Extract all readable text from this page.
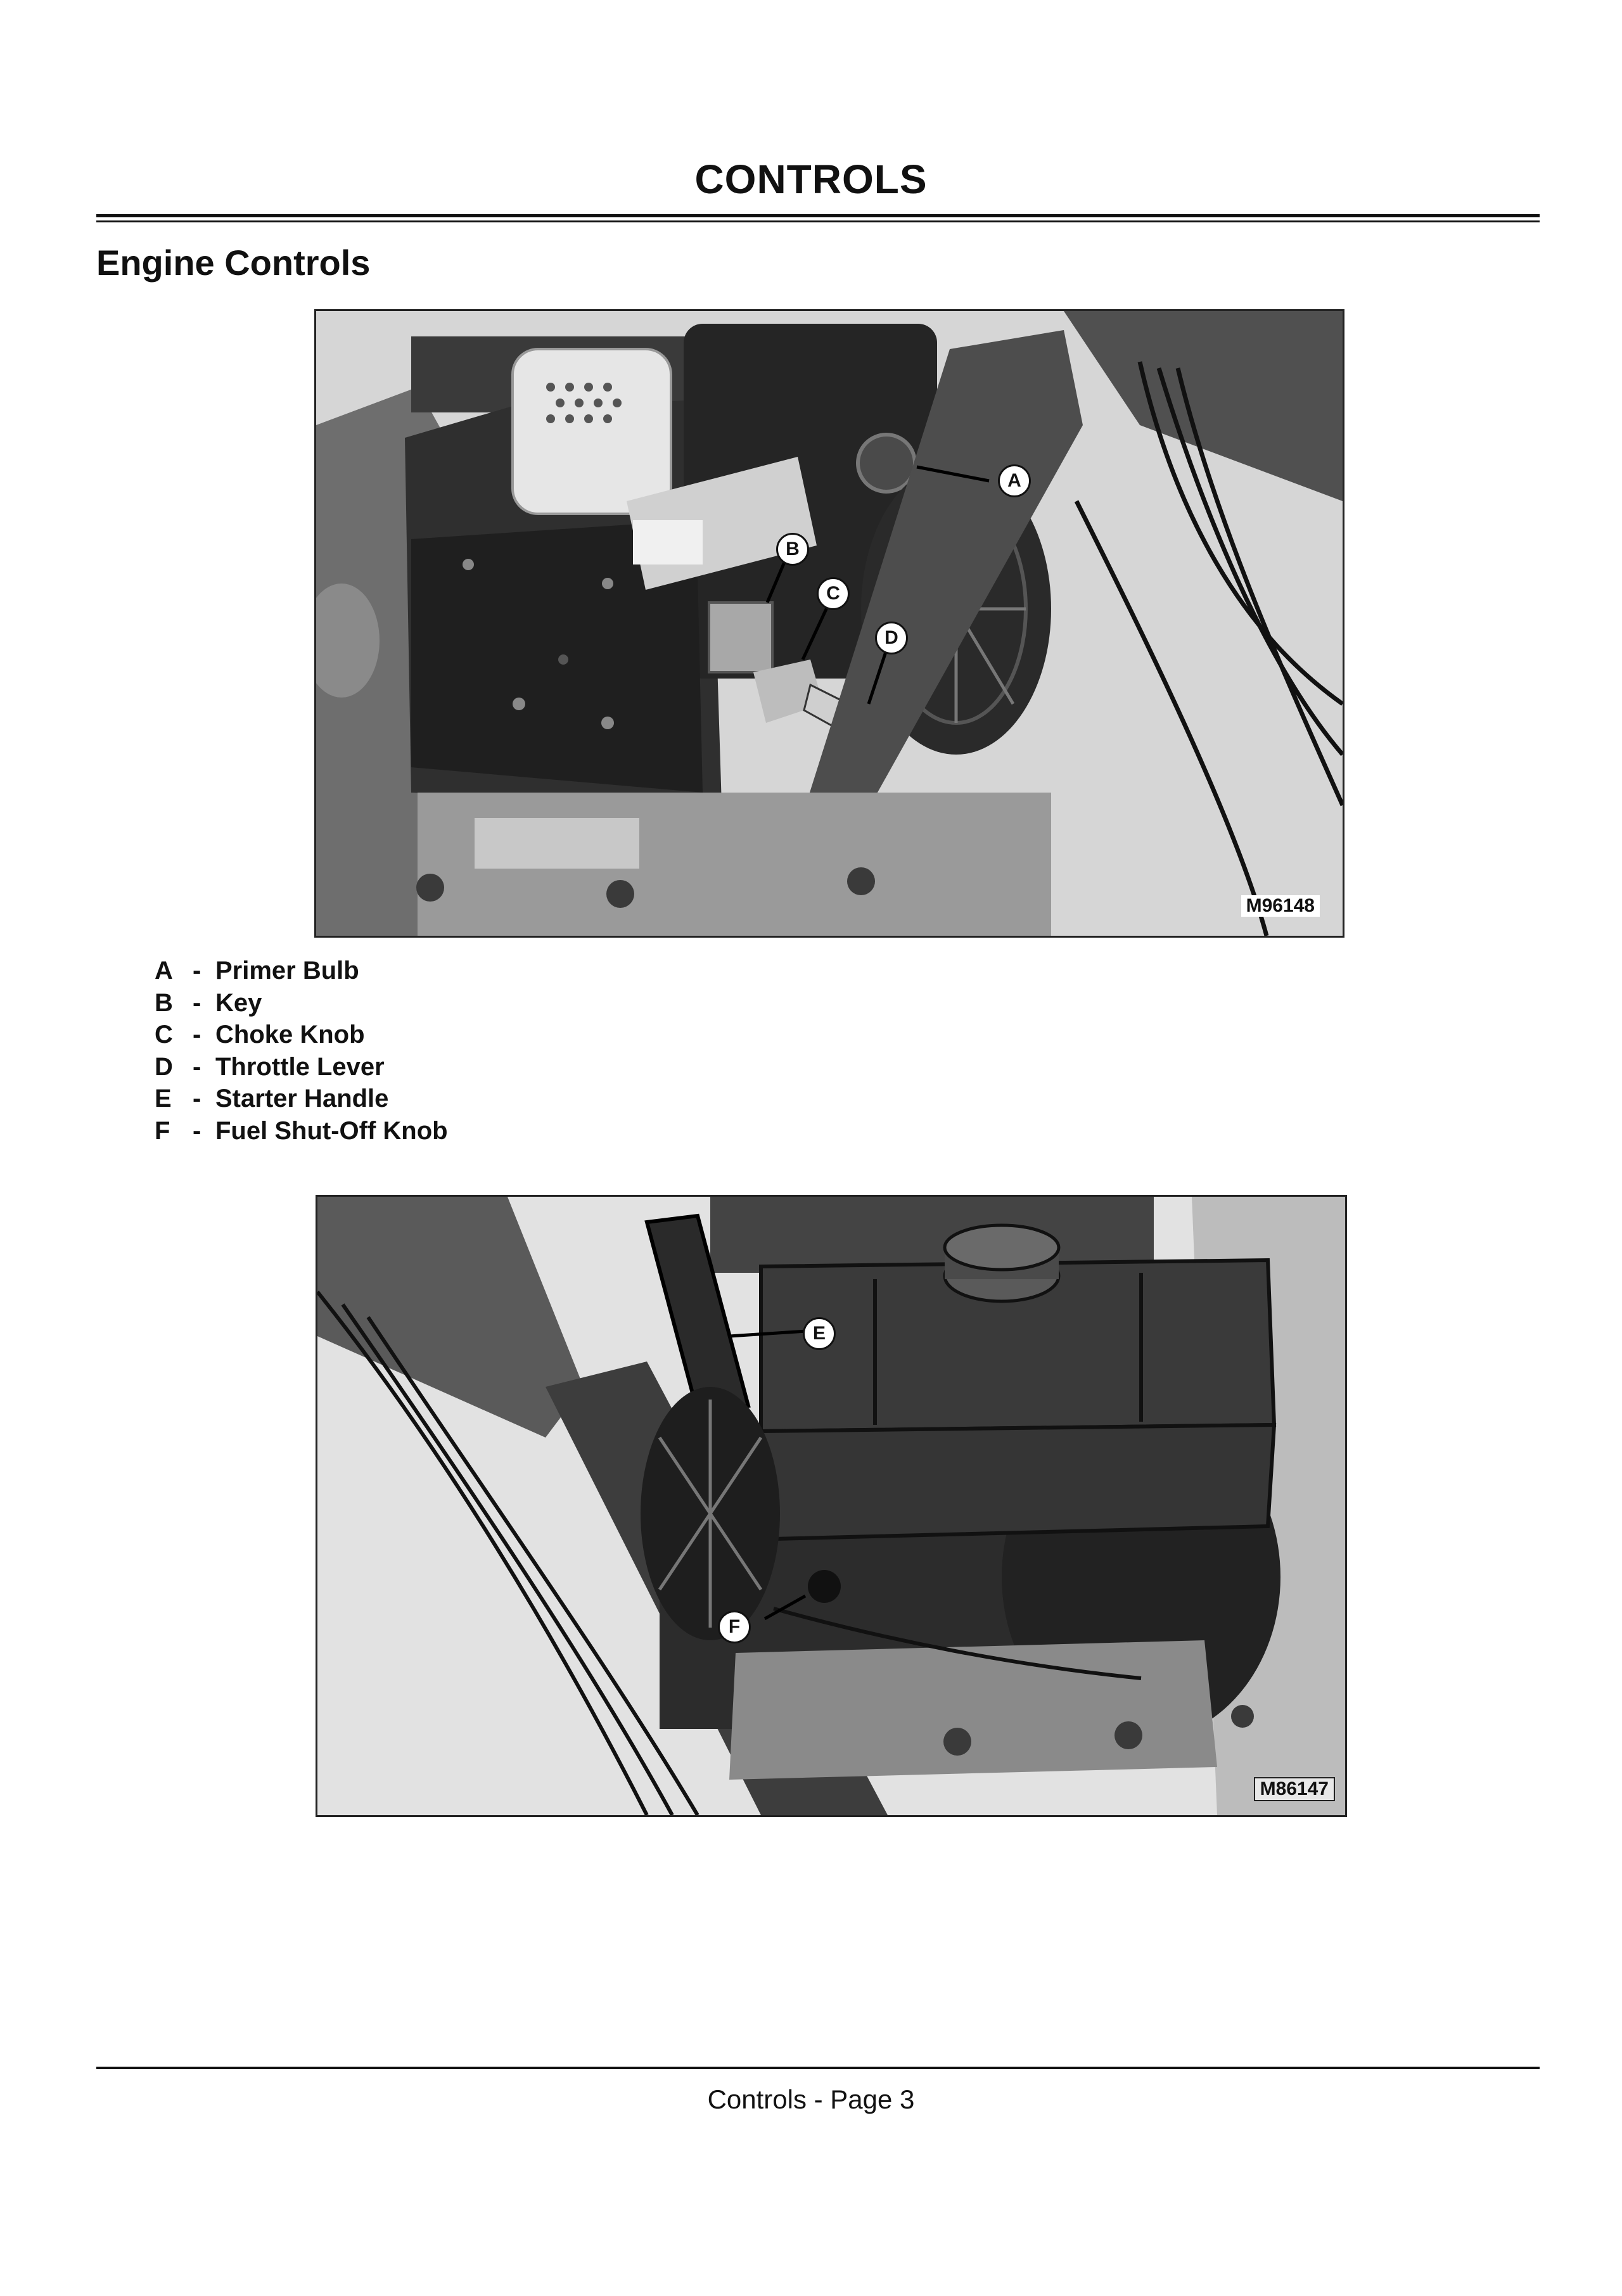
CONTROLS
Engine Controls
A
B
C
D
M96148
A - Primer Bulb
B - Key
C - Choke Knob
D - Throttle Lever
E - Starter Handle
F - Fuel Shut-Off Knob
E
F
M86147
Controls - Page 3
